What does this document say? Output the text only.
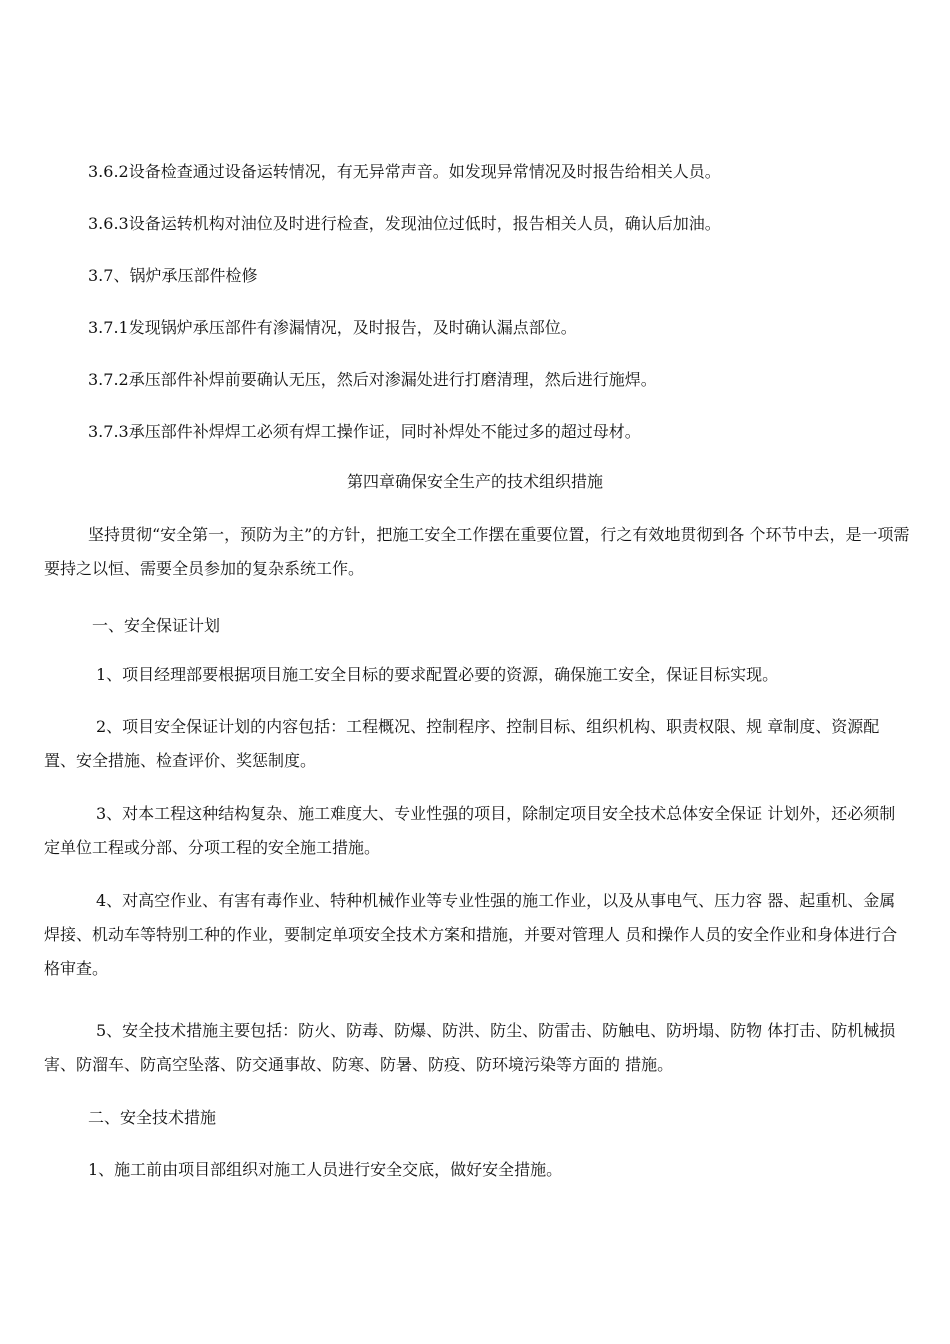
3.6.2设备检查通过设备运转情况，有无异常声音。如发现异常情况及时报告给相关人员。

3.6.3设备运转机构对油位及时进行检查，发现油位过低时，报告相关人员，确认后加油。

3.7、锅炉承压部件检修

3.7.1发现锅炉承压部件有渗漏情况，及时报告，及时确认漏点部位。

3.7.2承压部件补焊前要确认无压，然后对渗漏处进行打磨清理，然后进行施焊。

3.7.3承压部件补焊焊工必须有焊工操作证，同时补焊处不能过多的超过母材。

第四章确保安全生产的技术组织措施

坚持贯彻“安全第一，预防为主”的方针，把施工安全工作摆在重要位置，行之有效地贯彻到各 个环节中去，是一项需要持之以恒、需要全员参加的复杂系统工作。

一、安全保证计划

1、项目经理部要根据项目施工安全目标的要求配置必要的资源，确保施工安全，保证目标实现。

2、项目安全保证计划的内容包括：工程概况、控制程序、控制目标、组织机构、职责权限、规 章制度、资源配置、安全措施、检查评价、奖惩制度。

3、对本工程这种结构复杂、施工难度大、专业性强的项目，除制定项目安全技术总体安全保证 计划外，还必须制定单位工程或分部、分项工程的安全施工措施。

4、对高空作业、有害有毒作业、特种机械作业等专业性强的施工作业，以及从事电气、压力容 器、起重机、金属焊接、机动车等特别工种的作业，要制定单项安全技术方案和措施，并要对管理人 员和操作人员的安全作业和身体进行合格审查。

5、安全技术措施主要包括：防火、防毒、防爆、防洪、防尘、防雷击、防触电、防坍塌、防物 体打击、防机械损害、防溜车、防高空坠落、防交通事故、防寒、防暑、防疫、防环境污染等方面的 措施。

二、安全技术措施

1、施工前由项目部组织对施工人员进行安全交底，做好安全措施。
